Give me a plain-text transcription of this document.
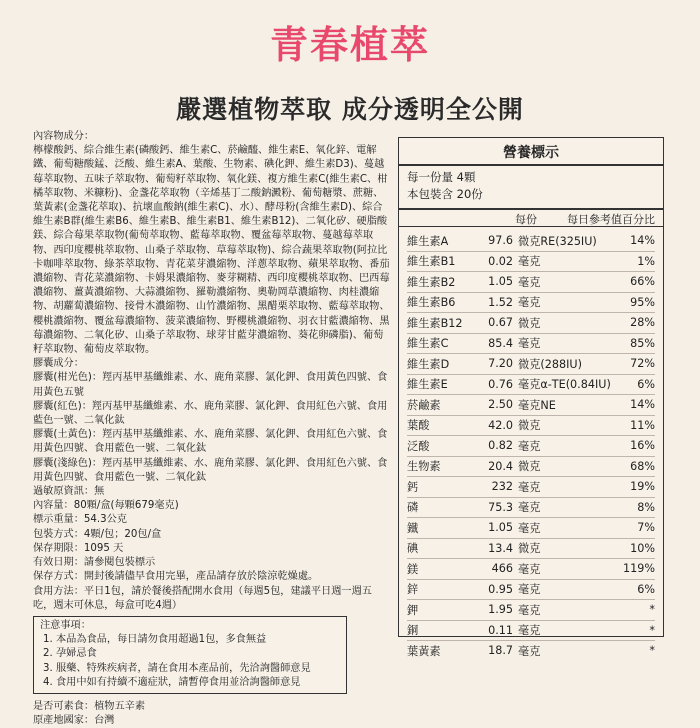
青春植萃
嚴選植物萃取 成分透明全公開

內容物成分：

檸檬酸鈣、綜合維生素(磷酸鈣、維生素C、菸鹼醯、維生素E、氧化鋅、電解鐵、葡萄糖酸錳、泛酸、維生素A、葉酸、生物素、碘化鉀、維生素D3)、蔓越莓萃取物、五味子萃取物、葡萄籽萃取物、氧化鎂、複方維生素C(維生素C、柑橘萃取物、米糠粉)、金盞花萃取物（辛烯基丁二酸鈉澱粉、葡萄糖漿、蔗糖、葉黃素(金盞花萃取)、抗壞血酸鈉(維生素C)、水）、酵母粉(含維生素D)、綜合維生素B群(維生素B6、維生素B、維生素B1、維生素B12)、二氧化矽、硬脂酸鎂、綜合莓果萃取物(葡萄萃取物、藍莓萃取物、覆盆莓萃取物、蔓越莓萃取物、西印度櫻桃萃取物、山桑子萃取物、草莓萃取物)、綜合蔬果萃取物(阿拉比卡咖啡萃取物、綠茶萃取物、青花菜芽濃縮物、洋蔥萃取物、蘋果萃取物、番茄濃縮物、青花菜濃縮物、卡姆果濃縮物、麥芽糊精、西印度櫻桃萃取物、巴西莓濃縮物、薑黃濃縮物、大蒜濃縮物、羅勒濃縮物、奧勒岡草濃縮物、肉桂濃縮物、胡蘿蔔濃縮物、接骨木濃縮物、山竹濃縮物、黑醋栗萃取物、藍莓萃取物、櫻桃濃縮物、覆盆莓濃縮物、菠菜濃縮物、野櫻桃濃縮物、羽衣甘藍濃縮物、黑莓濃縮物、二氧化矽、山桑子萃取物、球芽甘藍芽濃縮物、葵花卵磷脂)、葡萄籽萃取物、葡萄皮萃取物。

膠囊成分：

膠囊(柑光色)：羥丙基甲基纖維素、水、鹿角菜膠、氯化鉀、食用黃色四號、食用黃色五號

膠囊(紅色)：羥丙基甲基纖維素、水、鹿角菜膠、氯化鉀、食用紅色六號、食用藍色一號、二氧化鈦

膠囊(土黃色)：羥丙基甲基纖維素、水、鹿角菜膠、氯化鉀、食用紅色六號、食用黃色四號、食用藍色一號、二氧化鈦

膠囊(淺綠色)：羥丙基甲基纖維素、水、鹿角菜膠、氯化鉀、食用紅色六號、食用黃色四號、食用藍色一號、二氧化鈦

過敏原資訊：無

內容量：80顆/盒(每顆679毫克)

標示重量：54.3公克

包裝方式：4顆/包；20包/盒

保存期限：1095 天

有效日期：請參閱包裝標示

保存方式：開封後請儘早食用完畢，產品請存放於陰涼乾燥處。

食用方法：平日1包，請於餐後搭配開水食用（每週5包，建議平日週一週五吃，週末可休息，每盒可吃4週）

注意事項：
1. 本品為食品，每日請勿食用超過1包，多食無益
2. 孕婦忌食
3. 服藥、特殊疾病者，請在食用本產品前，先洽詢醫師意見
4. 食用中如有持續不適症狀，請暫停食用並洽詢醫師意見

是否可素食：植物五辛素

原產地國家：台灣

營養標示
每一份量 4顆
本包裝含 20份
每份	每日參考值百分比
維生素A	97.6 微克RE(325IU)	14%
維生素B1	0.02 毫克	1%
維生素B2	1.05 毫克	66%
維生素B6	1.52 毫克	95%
維生素B12	0.67 微克	28%
維生素C	85.4 毫克	85%
維生素D	7.20 微克(288IU)	72%
維生素E	0.76 毫克α-TE(0.84IU)	6%
菸鹼素	2.50 毫克NE	14%
葉酸	42.0 微克	11%
泛酸	0.82 毫克	16%
生物素	20.4 微克	68%
鈣	232 毫克	19%
磷	75.3 毫克	8%
鐵	1.05 毫克	7%
碘	13.4 微克	10%
鎂	466 毫克	119%
鋅	0.95 毫克	6%
鉀	1.95 毫克	*
銅	0.11 毫克	*
葉黃素	18.7 毫克	*
